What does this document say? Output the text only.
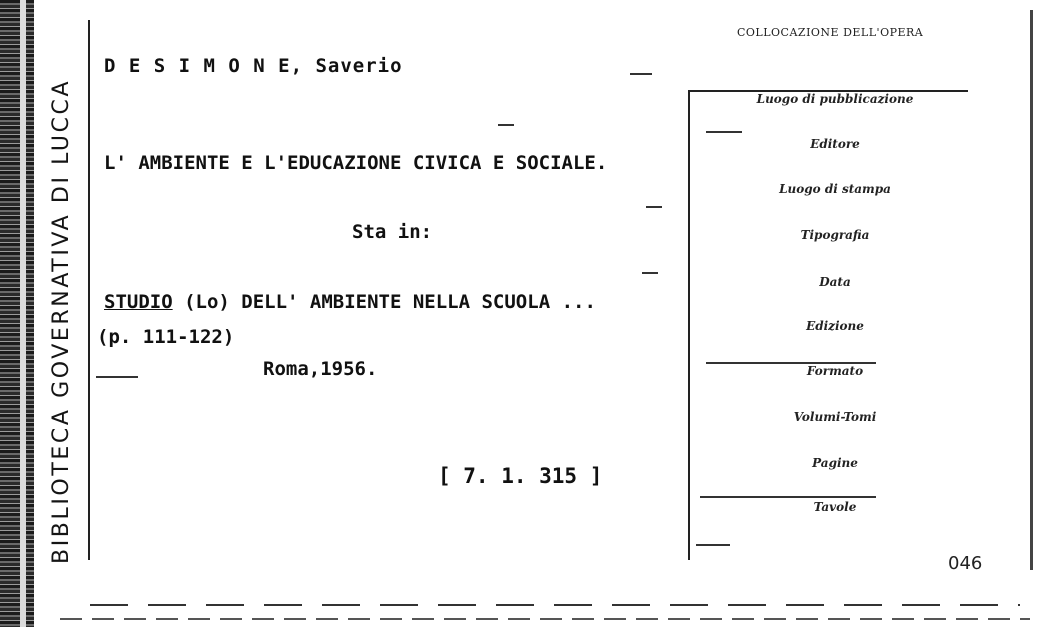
BIBLIOTECA GOVERNATIVA DI LUCCA
D E S I M O N E, Saverio
L' AMBIENTE E L'EDUCAZIONE CIVICA E SOCIALE.
Sta in:
STUDIO (Lo) DELL' AMBIENTE NELLA SCUOLA ...
(p. 111-122)
Roma,1956.
[ 7. 1. 315 ]
COLLOCAZIONE DELL'OPERA
Luogo di pubblicazione
Editore
Luogo di stampa
Tipografia
Data
Edizione
Formato
Volumi-Tomi
Pagine
Tavole
046
